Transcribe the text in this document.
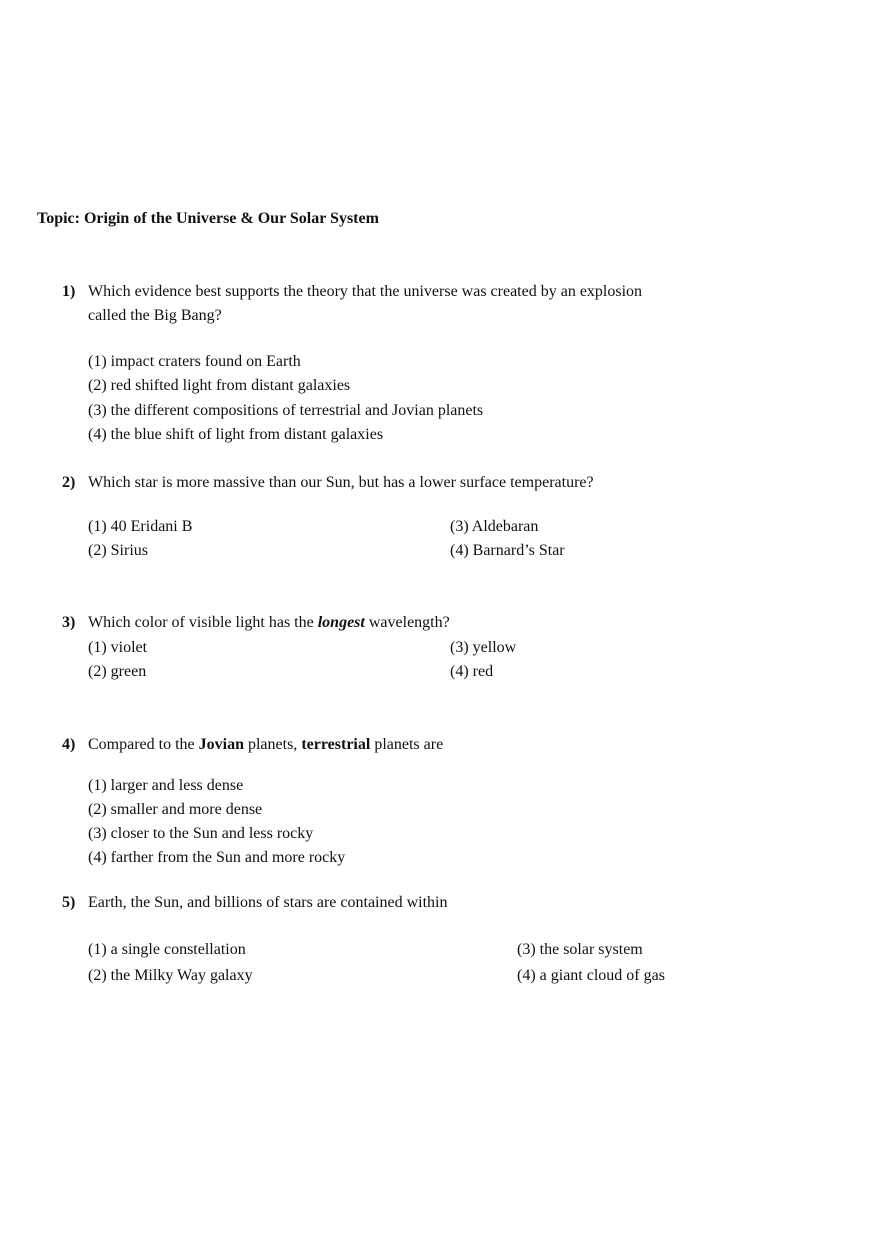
Topic: Origin of the Universe & Our Solar System
1) Which evidence best supports the theory that the universe was created by an explosion
called the Big Bang?
(1) impact craters found on Earth
(2) red shifted light from distant galaxies
(3) the different compositions of terrestrial and Jovian planets
(4) the blue shift of light from distant galaxies
2) Which star is more massive than our Sun, but has a lower surface temperature?
(1) 40 Eridani B
(2) Sirius
(3) Aldebaran
(4) Barnard’s Star
3) Which color of visible light has the longest wavelength?
(1) violet
(2) green
(3) yellow
(4) red
4) Compared to the Jovian planets, terrestrial planets are
(1) larger and less dense
(2) smaller and more dense
(3) closer to the Sun and less rocky
(4) farther from the Sun and more rocky
5) Earth, the Sun, and billions of stars are contained within
(1) a single constellation
(2) the Milky Way galaxy
(3) the solar system
(4) a giant cloud of gas
